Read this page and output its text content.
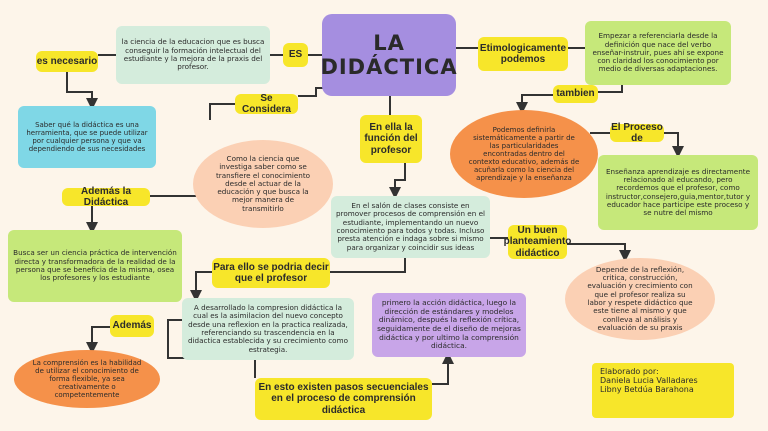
LA DIDÁCTICA
la ciencia de la educacion que es busca conseguir la formación intelectual del estudiante y la mejora de la praxis del profesor.
ES
es necesario
Saber qué la didáctica es una herramienta, que se puede utilizar por cualquier persona y que va dependiendo de sus necesidades
Etimologicamente podemos
Empezar a referenciarla desde la definición que nace del verbo enseñar-instruir, pues ahí se expone con claridad los conocimiento por medio de diversas adaptaciones.
tambien
Podemos definirla sistemáticamente a partir de las particularidades encontradas dentro del contexto educativo, además de acuñarla como la ciencia del aprendizaje y la enseñanza
El Proceso de
Enseñanza aprendizaje es directamente relacionado al educando, pero recordemos que el profesor, como instructor,consejero,guia,mentor,tutor y educador hace participe este proceso y se nutre del mismo
Se Considera
Como la ciencia que investiga saber como se transfiere el conocimiento desde el actuar de la educación y que busca la mejor manera de transmitirlo
Además la Didáctica
Busca ser un ciencia práctica de intervención directa y transformadora de la realidad de la persona que se beneficia de la misma, osea los profesores y los estudiante
En ella la función del profesor
En el salón de clases consiste en promover procesos de comprensión en el estudiante, implementando un nuevo conocimiento para todos y todas. Incluso presta atención e indaga sobre si mismo para organizar y coincidir sus ideas
Un buen planteamiento didáctico
Depende de la reflexión, critica, construcción, evaluación y crecimiento con que el profesor realiza su labor y respete didáctico que este tiene al mismo y que conlleva al análisis y evaluación de su praxis
Para ello se podria decir que el profesor
A desarrollado la compresion didáctica la cual es la asimilacion del nuevo concepto desde una reflexion en la practica realizada, referenciando su trascendencia en la didactica establecida y su crecimiento como estrategia.
Además
La comprensión es la habilidad de utilizar el conocimiento de forma flexible, ya sea creativamente o competentemente
primero la acción didáctica, luego la dirección de estándares y modelos dinámico, después la reflexión crítica, seguidamente de el diseño de mejoras didáctica y por ultimo la comprensión didáctica.
En esto existen pasos secuenciales en el proceso de comprensión didáctica
Elaborado por:
Daniela Lucia Valladares
Libny Betdúa Barahona
